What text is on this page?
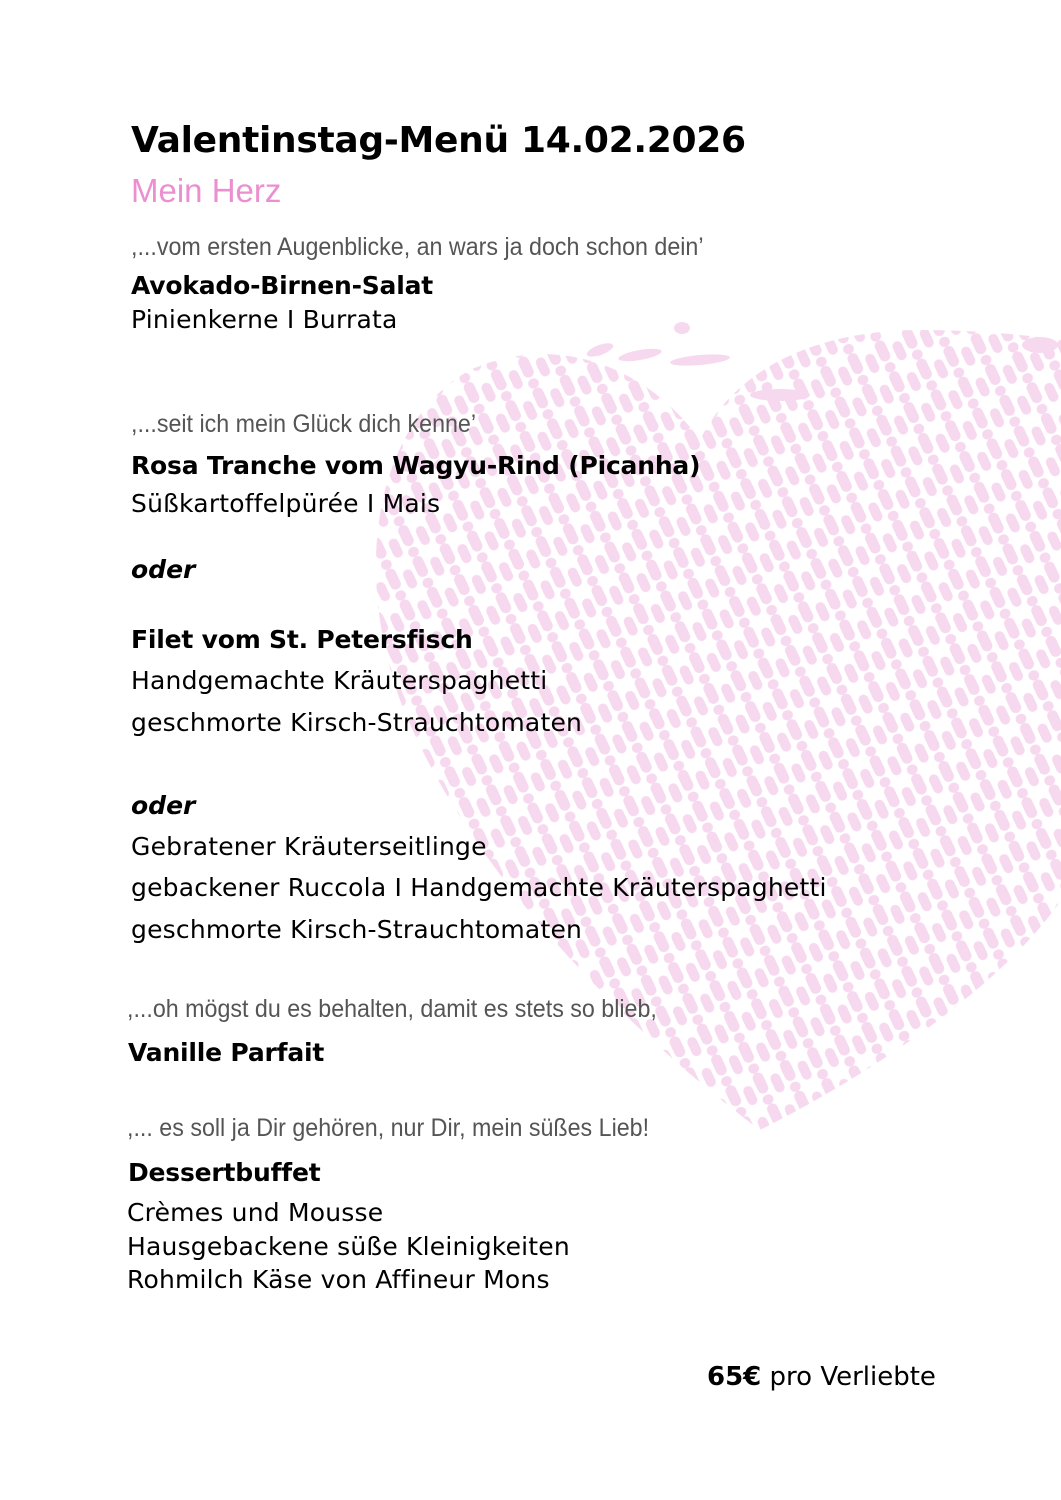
Valentinstag-Menü 14.02.2026
Mein Herz
,...vom ersten Augenblicke, an wars ja doch schon dein’
Avokado-Birnen-Salat
Pinienkerne I Burrata
,...seit ich mein Glück dich kenne’
Rosa Tranche vom Wagyu-Rind (Picanha)
Süßkartoffelpürée I Mais
oder
Filet vom St. Petersfisch
Handgemachte Kräuterspaghetti
geschmorte Kirsch-Strauchtomaten
oder
Gebratener Kräuterseitlinge
gebackener Ruccola I Handgemachte Kräuterspaghetti
geschmorte Kirsch-Strauchtomaten
,...oh mögst du es behalten, damit es stets so blieb,
Vanille Parfait
,... es soll ja Dir gehören, nur Dir, mein süßes Lieb!
Dessertbuffet
Crèmes und Mousse
Hausgebackene süße Kleinigkeiten
Rohmilch Käse von Affineur Mons
65€ pro Verliebte
